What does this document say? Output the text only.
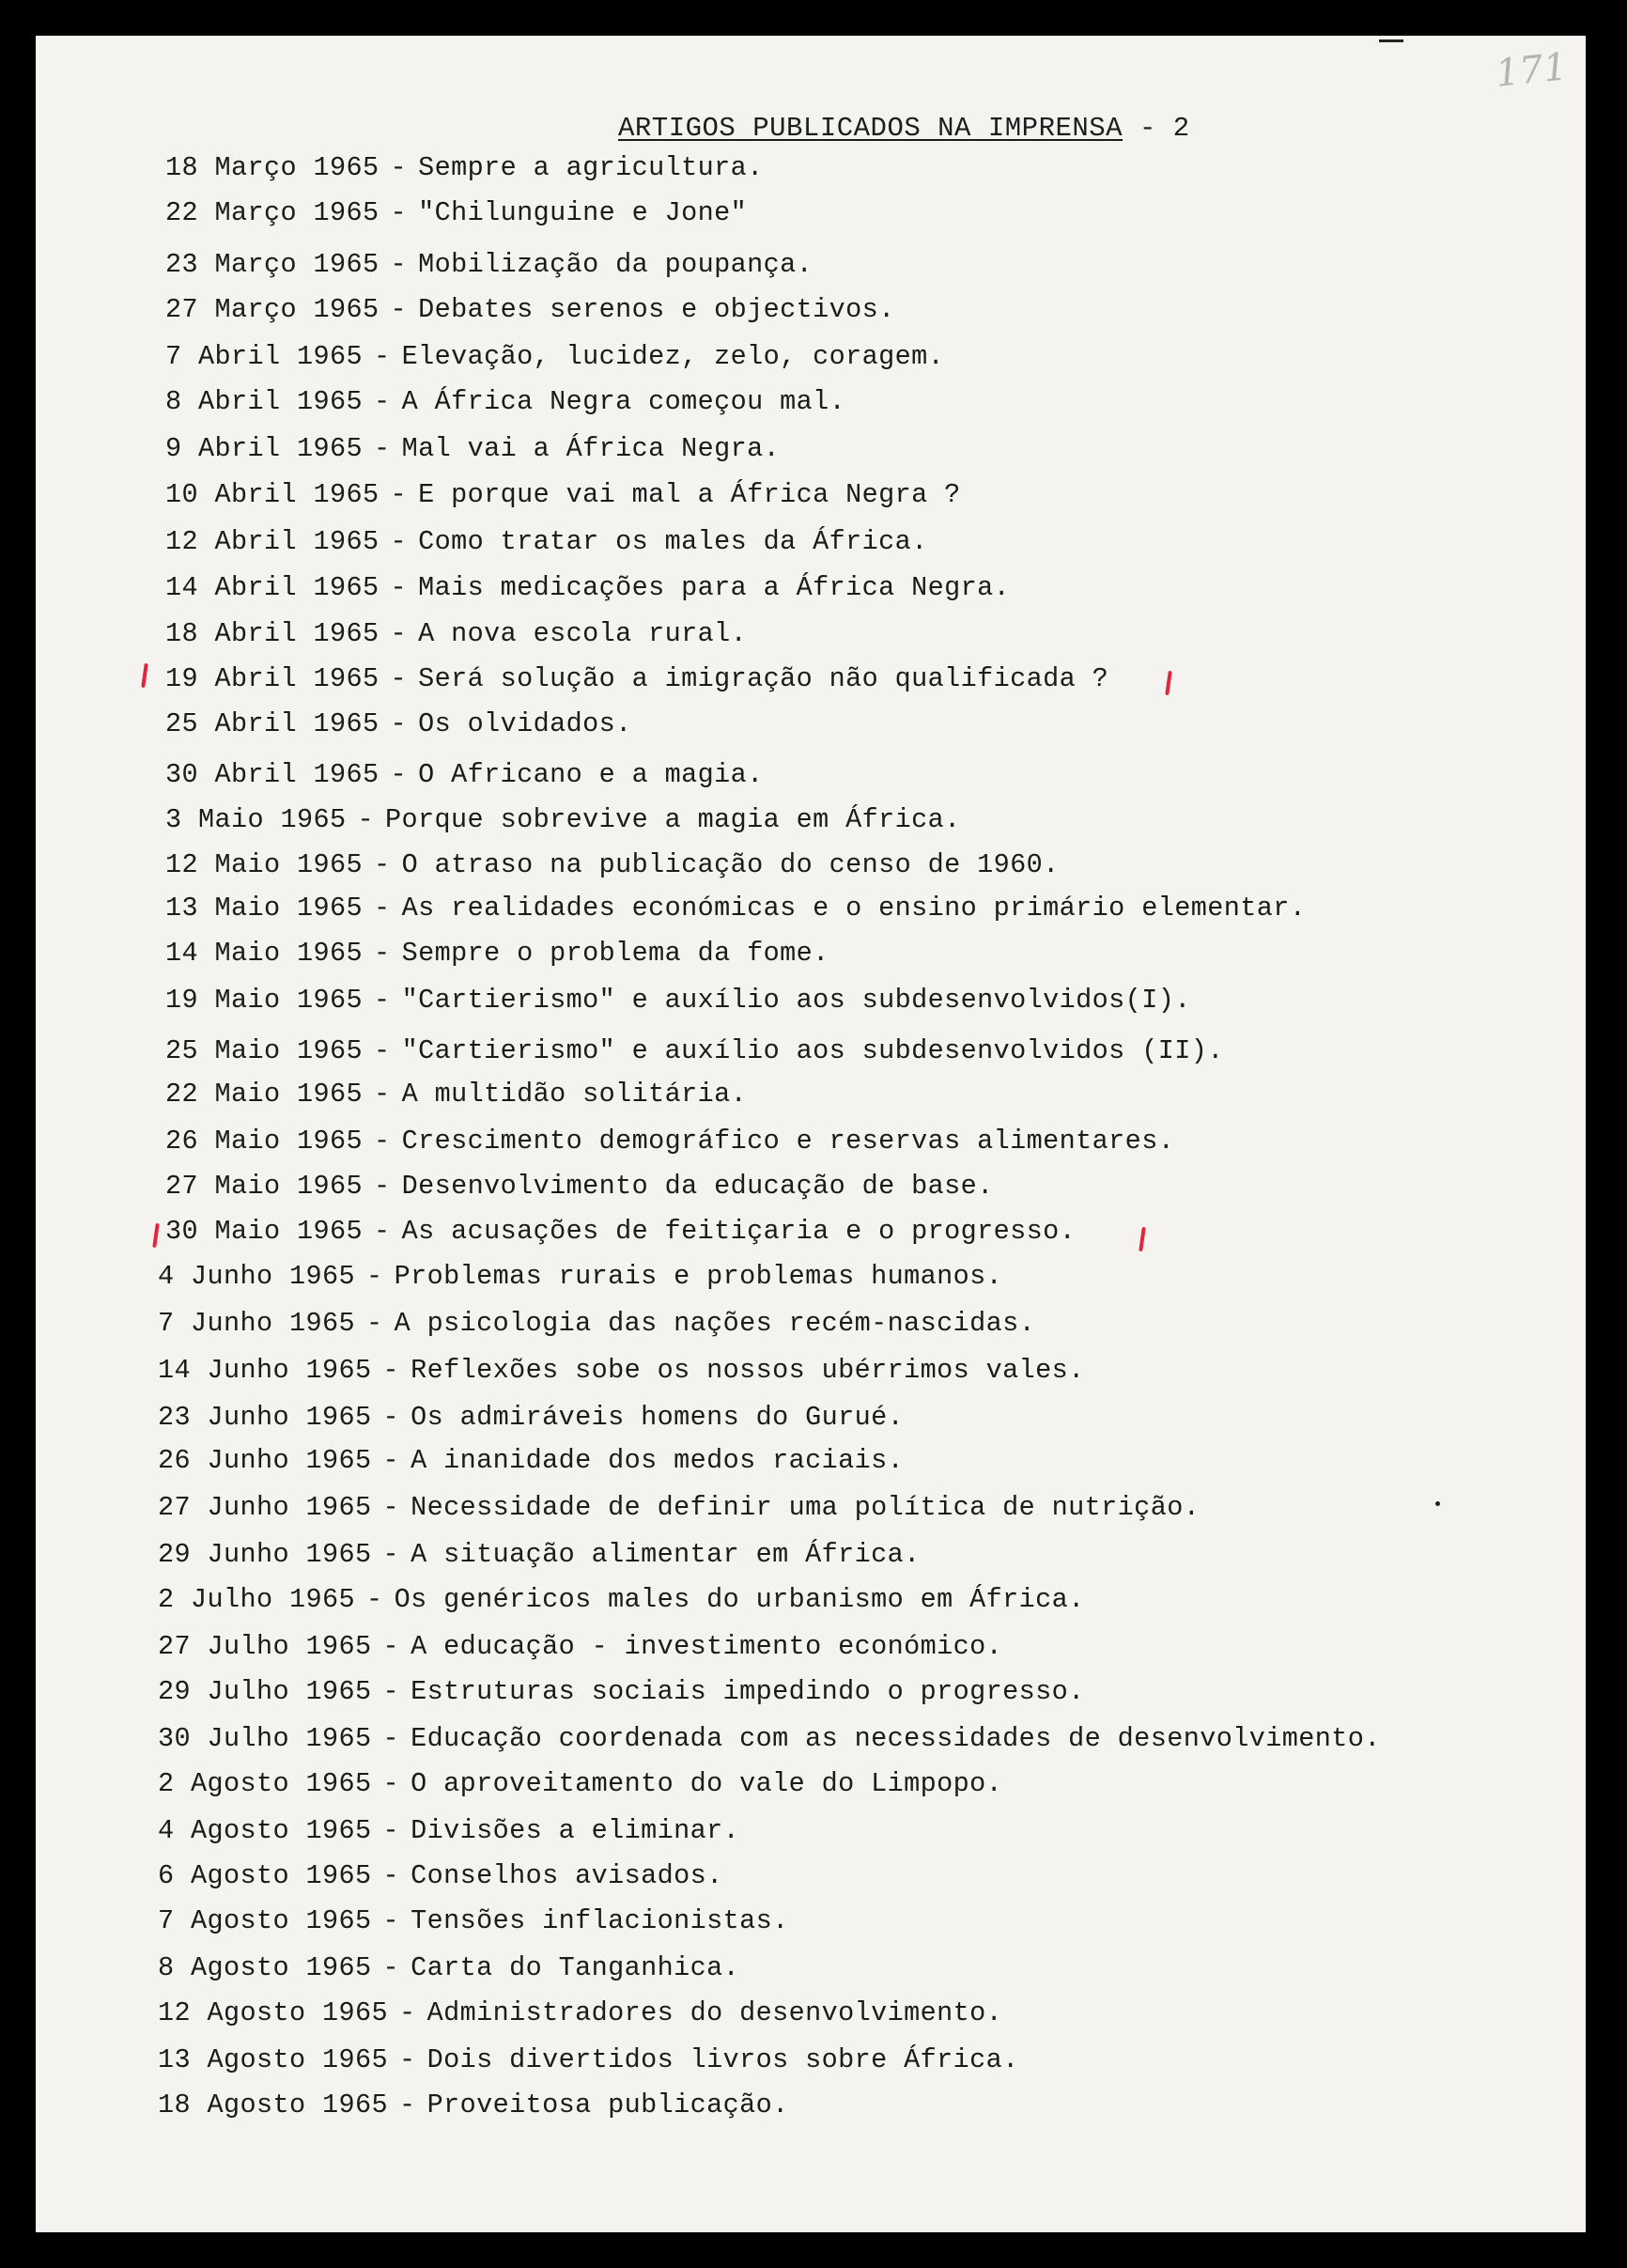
171
ARTIGOS PUBLICADOS NA IMPRENSA - 2
18 Março 1965 - Sempre a agricultura.
22 Março 1965 - "Chilunguine e Jone"
23 Março 1965 - Mobilização da poupança.
27 Março 1965 - Debates serenos e objectivos.
7 Abril 1965 - Elevação, lucidez, zelo, coragem.
8 Abril 1965 - A África Negra começou mal.
9 Abril 1965 - Mal vai a África Negra.
10 Abril 1965 - E porque vai mal a África Negra ?
12 Abril 1965 - Como tratar os males da África.
14 Abril 1965 - Mais medicações para a África Negra.
18 Abril 1965 - A nova escola rural.
19 Abril 1965 - Será solução a imigração não qualificada ?
25 Abril 1965 - Os olvidados.
30 Abril 1965 - O Africano e a magia.
3 Maio 1965 - Porque sobrevive a magia em África.
12 Maio 1965 - O atraso na publicação do censo de 1960.
13 Maio 1965 - As realidades económicas e o ensino primário elementar.
14 Maio 1965 - Sempre o problema da fome.
19 Maio 1965 - "Cartierismo" e auxílio aos subdesenvolvidos(I).
25 Maio 1965 - "Cartierismo" e auxílio aos subdesenvolvidos (II).
22 Maio 1965 - A multidão solitária.
26 Maio 1965 - Crescimento demográfico e reservas alimentares.
27 Maio 1965 - Desenvolvimento da educação de base.
30 Maio 1965 - As acusações de feitiçaria e o progresso.
4 Junho 1965 - Problemas rurais e problemas humanos.
7 Junho 1965 - A psicologia das nações recém-nascidas.
14 Junho 1965 - Reflexões sobe os nossos ubérrimos vales.
23 Junho 1965 - Os admiráveis homens do Gurué.
26 Junho 1965 - A inanidade dos medos raciais.
27 Junho 1965 - Necessidade de definir uma política de nutrição.
29 Junho 1965 - A situação alimentar em África.
2 Julho 1965 - Os genéricos males do urbanismo em África.
27 Julho 1965 - A educação - investimento económico.
29 Julho 1965 - Estruturas sociais impedindo o progresso.
30 Julho 1965 - Educação coordenada com as necessidades de desenvolvimento.
2 Agosto 1965 - O aproveitamento do vale do Limpopo.
4 Agosto 1965 - Divisões a eliminar.
6 Agosto 1965 - Conselhos avisados.
7 Agosto 1965 - Tensões inflacionistas.
8 Agosto 1965 - Carta do Tanganhica.
12 Agosto 1965 - Administradores do desenvolvimento.
13 Agosto 1965 - Dois divertidos livros sobre África.
18 Agosto 1965 - Proveitosa publicação.
